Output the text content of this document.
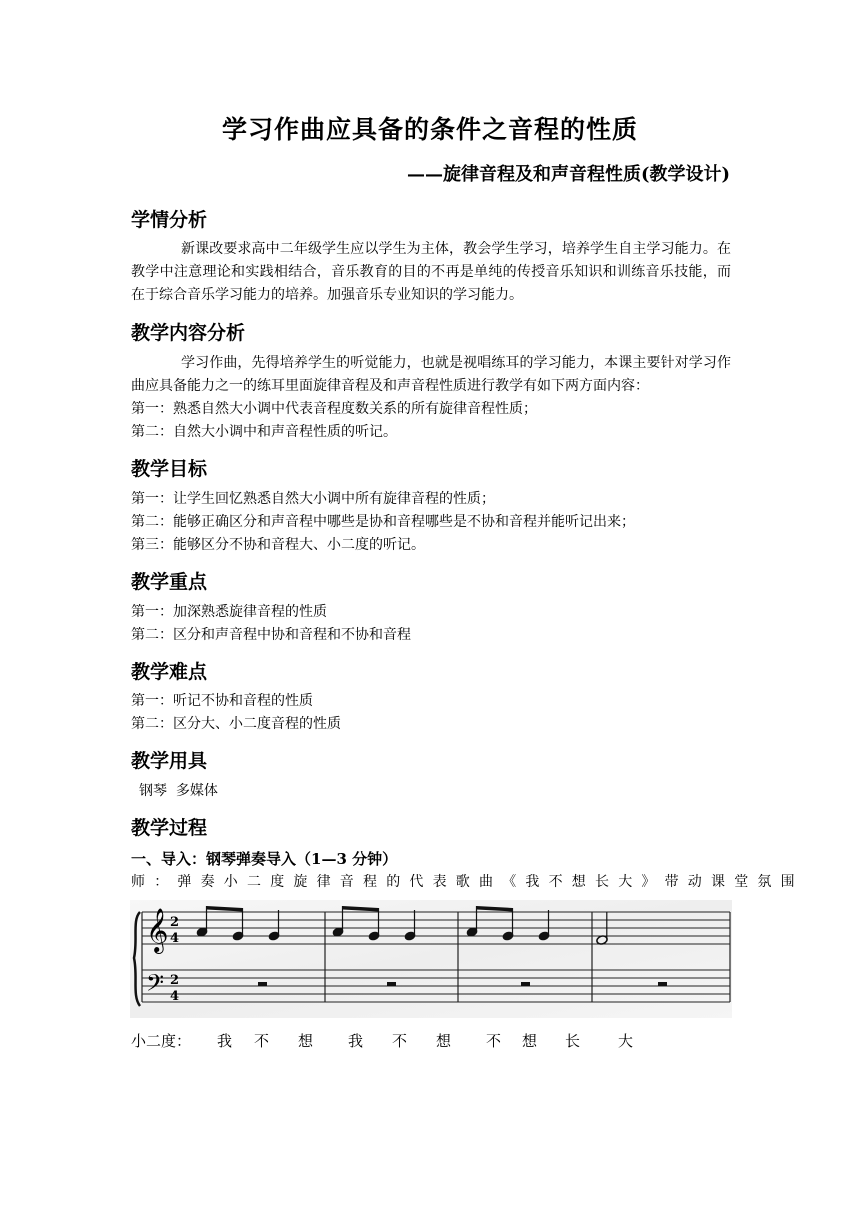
学习作曲应具备的条件之音程的性质
——旋律音程及和声音程性质(教学设计)
学情分析
新课改要求高中二年级学生应以学生为主体，教会学生学习，培养学生自主学习能力。在教学中注意理论和实践相结合，音乐教育的目的不再是单纯的传授音乐知识和训练音乐技能，而在于综合音乐学习能力的培养。加强音乐专业知识的学习能力。
教学内容分析
学习作曲，先得培养学生的听觉能力，也就是视唱练耳的学习能力，本课主要针对学习作曲应具备能力之一的练耳里面旋律音程及和声音程性质进行教学有如下两方面内容：
第一：熟悉自然大小调中代表音程度数关系的所有旋律音程性质；
第二：自然大小调中和声音程性质的听记。
教学目标
第一：让学生回忆熟悉自然大小调中所有旋律音程的性质；
第二：能够正确区分和声音程中哪些是协和音程哪些是不协和音程并能听记出来；
第三：能够区分不协和音程大、小二度的听记。
教学重点
第一：加深熟悉旋律音程的性质
第二：区分和声音程中协和音程和不协和音程
教学难点
第一：听记不协和音程的性质
第二：区分大、小二度音程的性质
教学用具
钢琴  多媒体
教学过程
一、导入：钢琴弹奏导入（1—3 分钟）
师：弹奏小二度旋律音程的代表歌曲《我不想长大》带动课堂氛围
𝄞
𝄢
2
4
2
4
小二度： 我 不 想 我 不 想 不 想 长	大
